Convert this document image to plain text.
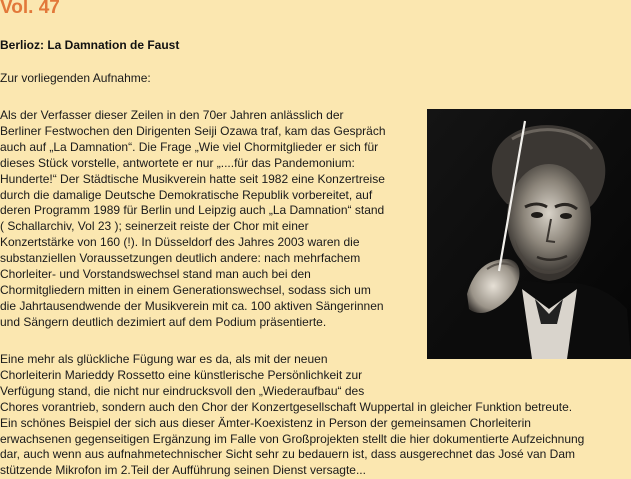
Vol. 47
Berlioz: La Damnation de Faust
Zur vorliegenden Aufnahme:
Als der Verfasser dieser Zeilen in den 70er Jahren anlässlich der
Berliner Festwochen den Dirigenten Seiji Ozawa traf, kam das Gespräch
auch auf „La Damnation“. Die Frage „Wie viel Chormitglieder er sich für
dieses Stück vorstelle, antwortete er nur „....für das Pandemonium:
Hunderte!“ Der Städtische Musikverein hatte seit 1982 eine Konzertreise
durch die damalige Deutsche Demokratische Republik vorbereitet, auf
deren Programm 1989 für Berlin und Leipzig auch „La Damnation“ stand
( Schallarchiv, Vol 23 ); seinerzeit reiste der Chor mit einer
Konzertstärke von 160 (!). In Düsseldorf des Jahres 2003 waren die
substanziellen Voraussetzungen deutlich andere: nach mehrfachem
Chorleiter- und Vorstandswechsel stand man auch bei den
Chormitgliedern mitten in einem Generationswechsel, sodass sich um
die Jahrtausendwende der Musikverein mit ca. 100 aktiven Sängerinnen
und Sängern deutlich dezimiert auf dem Podium präsentierte.
Eine mehr als glückliche Fügung war es da, als mit der neuen
Chorleiterin Marieddy Rossetto eine künstlerische Persönlichkeit zur
Verfügung stand, die nicht nur eindrucksvoll den „Wiederaufbau“ des
Chores vorantrieb, sondern auch den Chor der Konzertgesellschaft Wuppertal in gleicher Funktion betreute.
Ein schönes Beispiel der sich aus dieser Ämter-Koexistenz in Person der gemeinsamen Chorleiterin
erwachsenen gegenseitigen Ergänzung im Falle von Großprojekten stellt die hier dokumentierte Aufzeichnung
dar, auch wenn aus aufnahmetechnischer Sicht sehr zu bedauern ist, dass ausgerechnet das José van Dam
stützende Mikrofon im 2.Teil der Aufführung seinen Dienst versagte...
